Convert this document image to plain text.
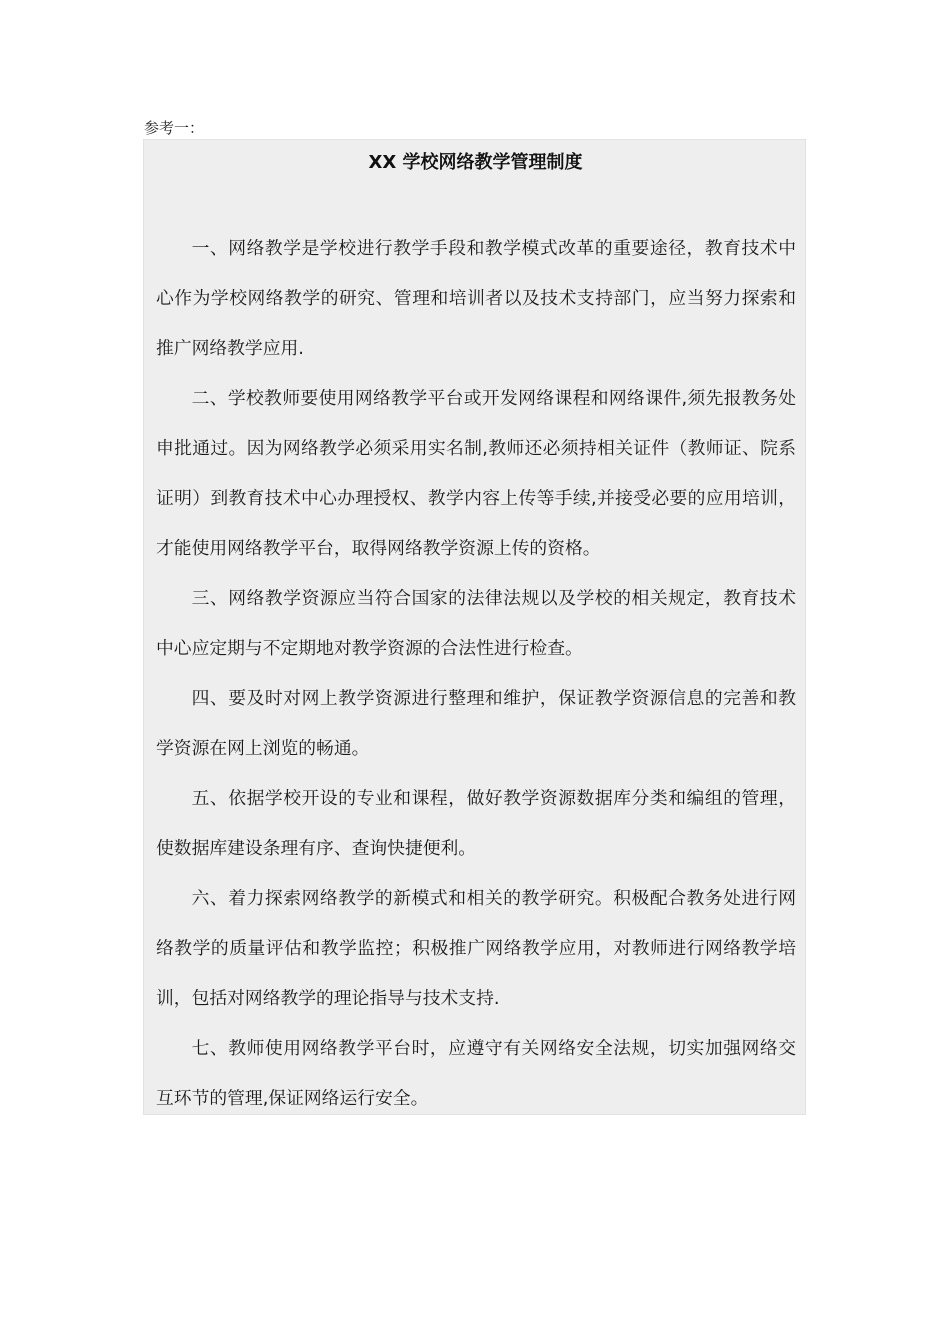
参考一：
XX 学校网络教学管理制度

一、网络教学是学校进行教学手段和教学模式改革的重要途径，教育技术中心作为学校网络教学的研究、管理和培训者以及技术支持部门，应当努力探索和推广网络教学应用.

二、学校教师要使用网络教学平台或开发网络课程和网络课件,须先报教务处申批通过。因为网络教学必须采用实名制,教师还必须持相关证件（教师证、院系证明）到教育技术中心办理授权、教学内容上传等手续,并接受必要的应用培训，才能使用网络教学平台，取得网络教学资源上传的资格。

三、网络教学资源应当符合国家的法律法规以及学校的相关规定，教育技术中心应定期与不定期地对教学资源的合法性进行检查。

四、要及时对网上教学资源进行整理和维护，保证教学资源信息的完善和教学资源在网上浏览的畅通。

五、依据学校开设的专业和课程，做好教学资源数据库分类和编组的管理，使数据库建设条理有序、查询快捷便利。

六、着力探索网络教学的新模式和相关的教学研究。积极配合教务处进行网络教学的质量评估和教学监控；积极推广网络教学应用，对教师进行网络教学培训，包括对网络教学的理论指导与技术支持.

七、教师使用网络教学平台时，应遵守有关网络安全法规，切实加强网络交互环节的管理,保证网络运行安全。
